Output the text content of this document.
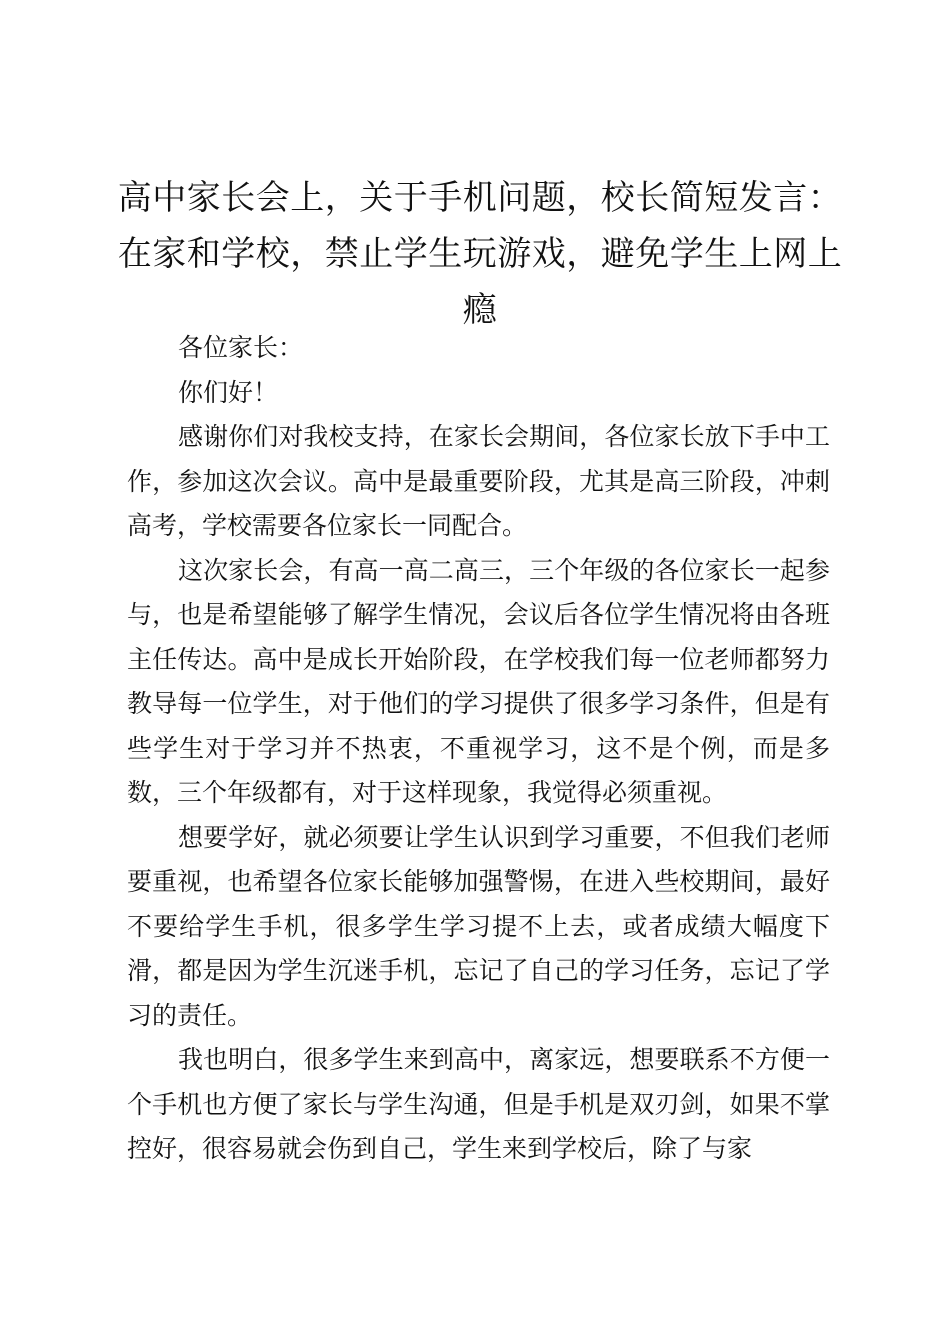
高中家长会上，关于手机问题，校长简短发言：在家和学校，禁止学生玩游戏，避免学生上网上瘾

各位家长：

你们好！

感谢你们对我校支持，在家长会期间，各位家长放下手中工作，参加这次会议。高中是最重要阶段，尤其是高三阶段，冲刺高考，学校需要各位家长一同配合。

这次家长会，有高一高二高三，三个年级的各位家长一起参与，也是希望能够了解学生情况，会议后各位学生情况将由各班主任传达。高中是成长开始阶段，在学校我们每一位老师都努力教导每一位学生，对于他们的学习提供了很多学习条件，但是有些学生对于学习并不热衷，不重视学习，这不是个例，而是多数，三个年级都有，对于这样现象，我觉得必须重视。

想要学好，就必须要让学生认识到学习重要，不但我们老师要重视，也希望各位家长能够加强警惕，在进入些校期间，最好不要给学生手机，很多学生学习提不上去，或者成绩大幅度下滑，都是因为学生沉迷手机，忘记了自己的学习任务，忘记了学习的责任。

我也明白，很多学生来到高中，离家远，想要联系不方便一个手机也方便了家长与学生沟通，但是手机是双刃剑，如果不掌控好，很容易就会伤到自己，学生来到学校后，除了与家
